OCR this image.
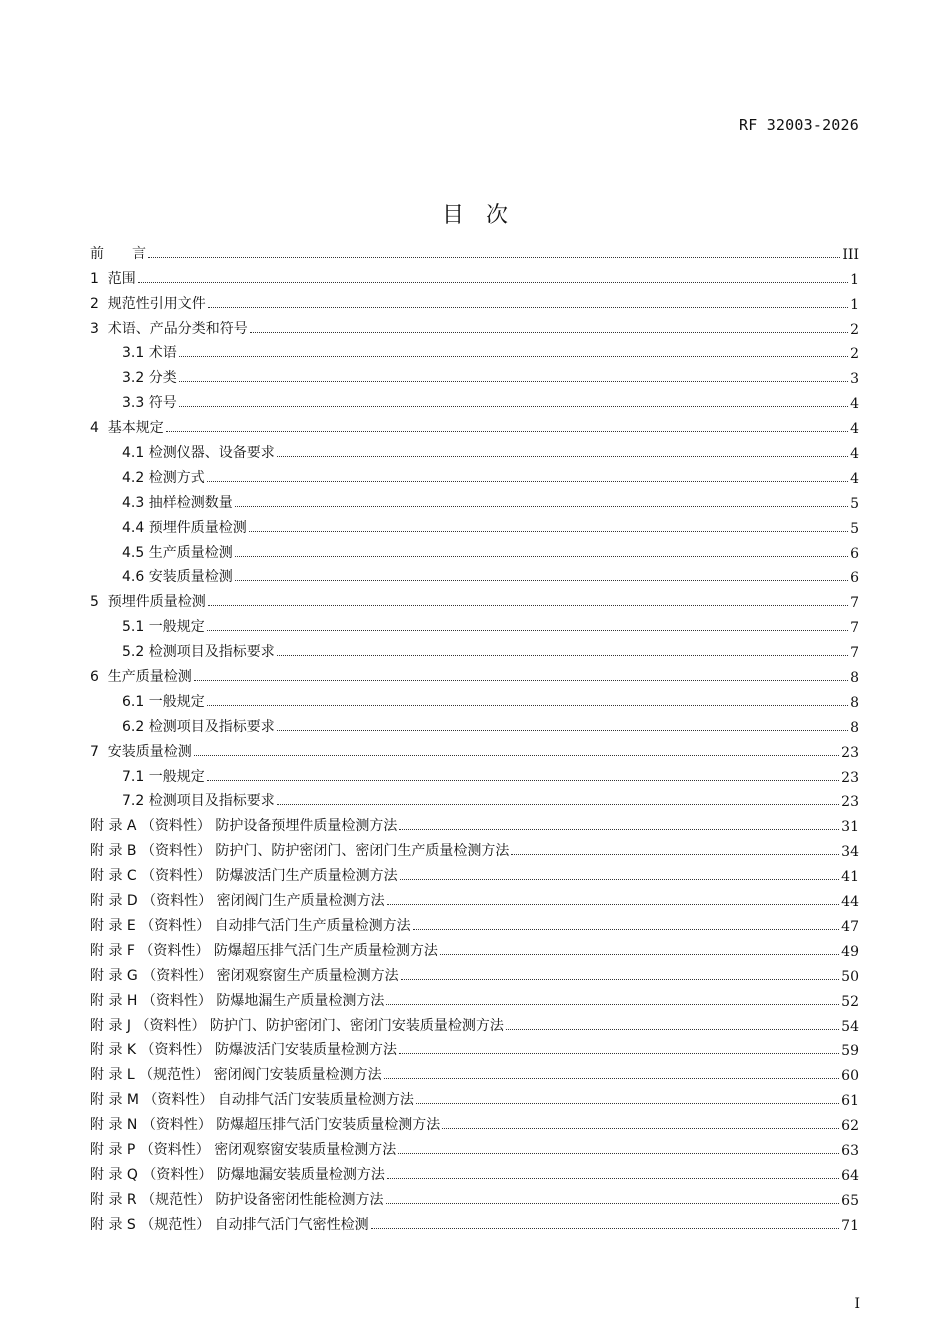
RF 32003-2026
目次
前　　言	III
1  范围	1
2  规范性引用文件	1
3  术语、产品分类和符号	2
3.1 术语	2
3.2 分类	3
3.3 符号	4
4  基本规定	4
4.1 检测仪器、设备要求	4
4.2 检测方式	4
4.3 抽样检测数量	5
4.4 预埋件质量检测	5
4.5 生产质量检测	6
4.6 安装质量检测	6
5  预埋件质量检测	7
5.1 一般规定	7
5.2 检测项目及指标要求	7
6  生产质量检测	8
6.1 一般规定	8
6.2 检测项目及指标要求	8
7  安装质量检测	23
7.1 一般规定	23
7.2 检测项目及指标要求	23
附 录 A （资料性） 防护设备预埋件质量检测方法	31
附 录 B （资料性） 防护门、防护密闭门、密闭门生产质量检测方法	34
附 录 C （资料性） 防爆波活门生产质量检测方法	41
附 录 D （资料性） 密闭阀门生产质量检测方法	44
附 录 E （资料性） 自动排气活门生产质量检测方法	47
附 录 F （资料性） 防爆超压排气活门生产质量检测方法	49
附 录 G （资料性） 密闭观察窗生产质量检测方法	50
附 录 H （资料性） 防爆地漏生产质量检测方法	52
附 录 J （资料性） 防护门、防护密闭门、密闭门安装质量检测方法	54
附 录 K （资料性） 防爆波活门安装质量检测方法	59
附 录 L （规范性） 密闭阀门安装质量检测方法	60
附 录 M （资料性） 自动排气活门安装质量检测方法	61
附 录 N （资料性） 防爆超压排气活门安装质量检测方法	62
附 录 P （资料性） 密闭观察窗安装质量检测方法	63
附 录 Q （资料性） 防爆地漏安装质量检测方法	64
附 录 R （规范性） 防护设备密闭性能检测方法	65
附 录 S （规范性） 自动排气活门气密性检测	71
I
